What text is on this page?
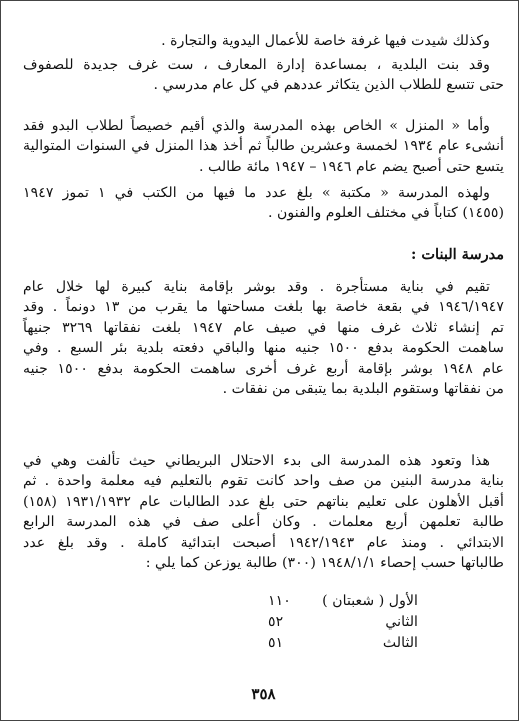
وكذلك شيدت فيها غرفة خاصة للأعمال اليدوية والتجارة .
وقد بنت البلدية ، بمساعدة إدارة المعارف ، ست غرف جديدة للصفوف
حتى تتسع للطلاب الذين يتكاثر عددهم في كل عام مدرسي .
وأما « المنزل » الخاص بهذه المدرسة والذي أقيم خصيصاً لطلاب البدو فقد
أنشىء عام ١٩٣٤ لخمسة وعشرين طالباً ثم أخذ هذا المنزل في السنوات المتوالية
يتسع حتى أصبح يضم عام ١٩٤٦ – ١٩٤٧ مائة طالب .
ولهذه المدرسة « مكتبة » بلغ عدد ما فيها من الكتب في ١ تموز ١٩٤٧
(١٤٥٥) كتاباً في مختلف العلوم والفنون .
مدرسة البنات :
تقيم في بناية مستأجرة . وقد بوشر بإقامة بناية كبيرة لها خلال عام
١٩٤٦/١٩٤٧ في بقعة خاصة بها بلغت مساحتها ما يقرب من ١٣ دونماً . وقد
تم إنشاء ثلاث غرف منها في صيف عام ١٩٤٧ بلغت نفقاتها ٣٢٦٩ جنيهاً
ساهمت الحكومة بدفع ١٥٠٠ جنيه منها والباقي دفعته بلدية بئر السبع . وفي
عام ١٩٤٨ بوشر بإقامة أربع غرف أخرى ساهمت الحكومة بدفع ١٥٠٠ جنيه
من نفقاتها وستقوم البلدية بما يتبقى من نفقات .
هذا وتعود هذه المدرسة الى بدء الاحتلال البريطاني حيث تألفت وهي في
بناية مدرسة البنين من صف واحد كانت تقوم بالتعليم فيه معلمة واحدة . ثم
أقبل الأهلون على تعليم بناتهم حتى بلغ عدد الطالبات عام ١٩٣١/١٩٣٢ (١٥٨)
طالبة تعلمهن أربع معلمات . وكان أعلى صف في هذه المدرسة الرابع
الابتدائي . ومنذ عام ١٩٤٢/١٩٤٣ أصبحت ابتدائية كاملة . وقد بلغ عدد
طالباتها حسب إحصاء ١٩٤٨/١/١ (٣٠٠) طالبة يوزعن كما يلي :
الأول ( شعبتان )
١١٠
الثاني
٥٢
الثالث
٥١
٣٥٨
